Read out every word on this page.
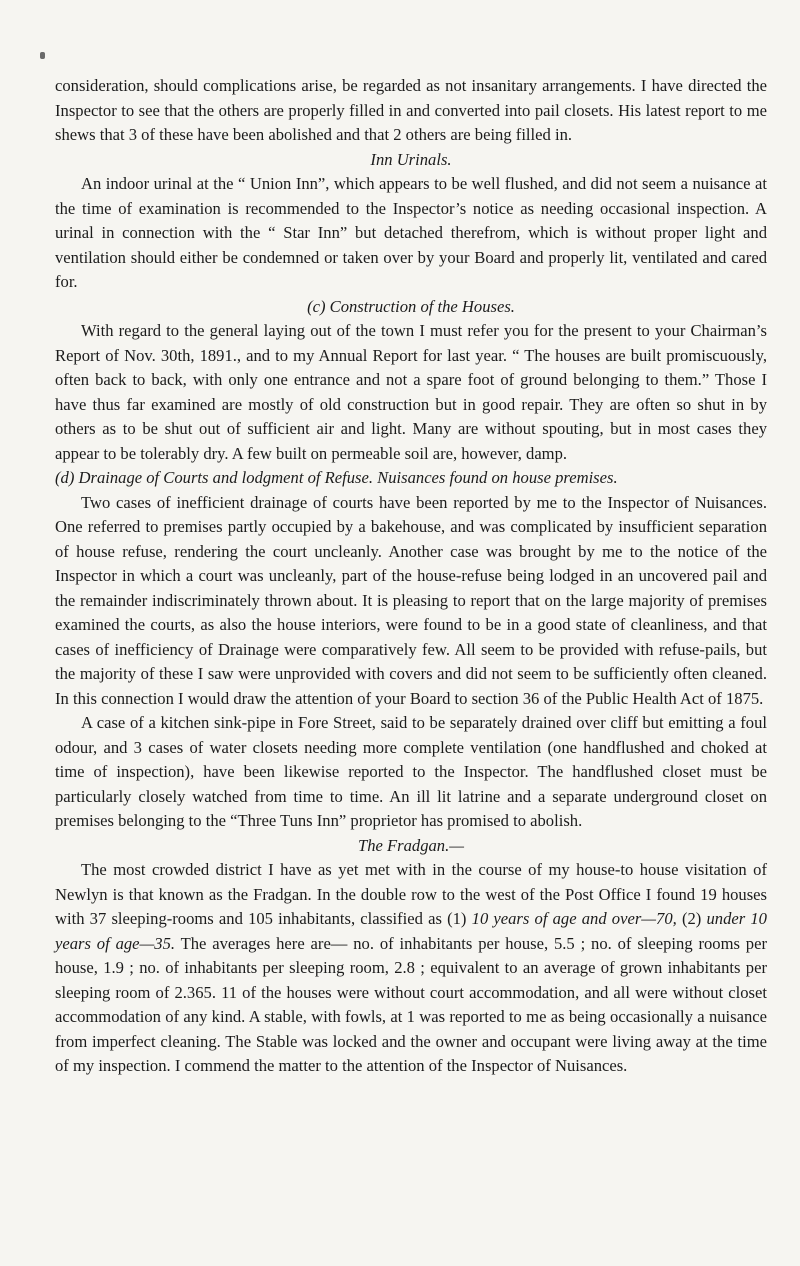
consideration, should complications arise, be regarded as not insanitary arrangements. I have directed the Inspector to see that the others are properly filled in and converted into pail closets. His latest report to me shews that 3 of these have been abolished and that 2 others are being filled in.

Inn Urinals.

An indoor urinal at the “ Union Inn”, which appears to be well flushed, and did not seem a nuisance at the time of examination is recommended to the Inspector’s notice as needing occasional inspection. A urinal in connection with the “ Star Inn” but detached therefrom, which is without proper light and ventilation should either be condemned or taken over by your Board and properly lit, ventilated and cared for.

(c) Construction of the Houses.

With regard to the general laying out of the town I must refer you for the present to your Chairman’s Report of Nov. 30th, 1891., and to my Annual Report for last year. “ The houses are built promiscuously, often back to back, with only one entrance and not a spare foot of ground belonging to them.” Those I have thus far examined are mostly of old construction but in good repair. They are often so shut in by others as to be shut out of sufficient air and light. Many are without spouting, but in most cases they appear to be tolerably dry. A few built on permeable soil are, however, damp.

(d) Drainage of Courts and lodgment of Refuse. Nuisances found on house premises.

Two cases of inefficient drainage of courts have been reported by me to the Inspector of Nuisances. One referred to premises partly occupied by a bakehouse, and was complicated by insufficient separation of house refuse, rendering the court uncleanly. Another case was brought by me to the notice of the Inspector in which a court was uncleanly, part of the house-refuse being lodged in an uncovered pail and the remainder indiscriminately thrown about. It is pleasing to report that on the large majority of premises examined the courts, as also the house interiors, were found to be in a good state of cleanliness, and that cases of inefficiency of Drainage were comparatively few. All seem to be provided with refuse-pails, but the majority of these I saw were unprovided with covers and did not seem to be sufficiently often cleaned. In this connection I would draw the attention of your Board to section 36 of the Public Health Act of 1875.

A case of a kitchen sink-pipe in Fore Street, said to be separately drained over cliff but emitting a foul odour, and 3 cases of water closets needing more complete ventilation (one handflushed and choked at time of inspection), have been likewise reported to the Inspector. The handflushed closet must be particularly closely watched from time to time. An ill lit latrine and a separate underground closet on premises belonging to the “Three Tuns Inn” proprietor has promised to abolish.

The Fradgan.—

The most crowded district I have as yet met with in the course of my house-to house visitation of Newlyn is that known as the Fradgan. In the double row to the west of the Post Office I found 19 houses with 37 sleeping-rooms and 105 inhabitants, classified as (1) 10 years of age and over—70, (2) under 10 years of age—35. The averages here are— no. of inhabitants per house, 5.5 ; no. of sleeping rooms per house, 1.9 ; no. of inhabitants per sleeping room, 2.8 ; equivalent to an average of grown inhabitants per sleeping room of 2.365. 11 of the houses were without court accommodation, and all were without closet accommodation of any kind. A stable, with fowls, at 1 was reported to me as being occasionally a nuisance from imperfect cleaning. The Stable was locked and the owner and occupant were living away at the time of my inspection. I commend the matter to the attention of the Inspector of Nuisances.
